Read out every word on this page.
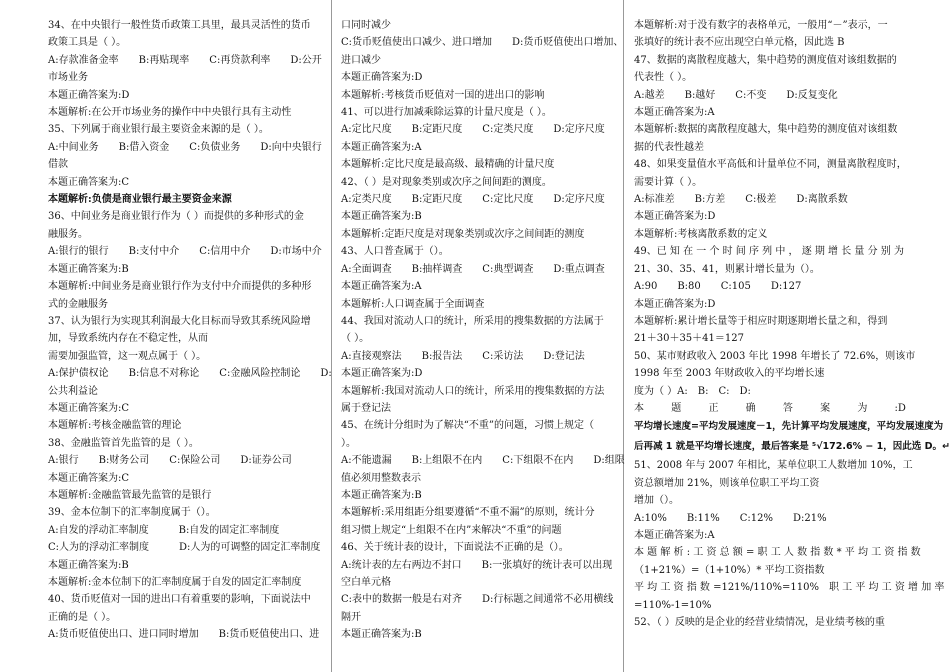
34、在中央银行一般性货币政策工具里，最具灵活性的货币
政策工具是（ ）。
A:存款准备金率　　B:再贴现率　　C:再贷款利率　　D:公开
市场业务
本题正确答案为:D
本题解析:在公开市场业务的操作中中央银行具有主动性
35、下列属于商业银行最主要资金来源的是（ ）。
A:中间业务　　B:借入资金　　C:负债业务　　D:向中央银行
借款
本题正确答案为:C
本题解析:负债是商业银行最主要资金来源
36、中间业务是商业银行作为（ ）而提供的多种形式的金
融服务。
A:银行的银行　　B:支付中介　　C:信用中介　　D:市场中介
本题正确答案为:B
本题解析:中间业务是商业银行作为支付中介而提供的多种形
式的金融服务
37、认为银行为实现其利润最大化目标而导致其系统风险增
加，导致系统内存在不稳定性，从而
需要加强监管，这一观点属于（ ）。
A:保护债权论　　B:信息不对称论　　C:金融风险控制论　　D:
公共利益论
本题正确答案为:C
本题解析:考核金融监管的理论
38、金融监管首先监管的是（ ）。
A:银行　　B:财务公司　　C:保险公司　　D:证券公司
本题正确答案为:C
本题解析:金融监管最先监管的是银行
39、金本位制下的汇率制度属于（）。
A:自发的浮动汇率制度　　　B:自发的固定汇率制度
C:人为的浮动汇率制度　　　D:人为的可调整的固定汇率制度
本题正确答案为:B
本题解析:金本位制下的汇率制度属于自发的固定汇率制度
40、货币贬值对一国的进出口有着重要的影响，下面说法中
正确的是（ ）。
A:货币贬值使出口、进口同时增加　　B:货币贬值使出口、进
口同时减少
C:货币贬值使出口减少、进口增加　　D:货币贬值使出口增加、
进口减少
本题正确答案为:D
本题解析:考核货币贬值对一国的进出口的影响
41、可以进行加减乘除运算的计量尺度是（ ）。
A:定比尺度　　B:定距尺度　　C:定类尺度　　D:定序尺度
本题正确答案为:A
本题解析:定比尺度是最高级、最精确的计量尺度
42、（ ）是对现象类别或次序之间间距的测度。
A:定类尺度　　B:定距尺度　　C:定比尺度　　D:定序尺度
本题正确答案为:B
本题解析:定距尺度是对现象类别或次序之间间距的测度
43、人口普查属于（）。
A:全面调查　　B:抽样调查　　C:典型调查　　D:重点调查
本题正确答案为:A
本题解析:人口调查属于全面调查
44、我国对流动人口的统计，所采用的搜集数据的方法属于
（ ）。
A:直接观察法　　B:报告法　　C:采访法　　D:登记法
本题正确答案为:D
本题解析:我国对流动人口的统计，所采用的搜集数据的方法
属于登记法
45、在统计分组时为了解决“不重”的问题，习惯上规定（
）。
A:不能遗漏　　B:上组限不在内　　C:下组限不在内　　D:组限
值必须用整数表示
本题正确答案为:B
本题解析:采用组距分组要遵循“不重不漏”的原则，统计分
组习惯上规定“上组限不在内”来解决“不重”的问题
46、关于统计表的设计，下面说法不正确的是（）。
A:统计表的左右两边不封口　　B:一张填好的统计表可以出现
空白单元格
C:表中的数据一般是右对齐　　D:行标题之间通常不必用横线
隔开
本题正确答案为:B
本题解析:对于没有数字的表格单元，一般用“－”表示，一
张填好的统计表不应出现空白单元格，因此选 B
47、数据的离散程度越大，集中趋势的测度值对该组数据的
代表性（ ）。
A:越差　　B:越好　　C:不变　　D:反复变化
本题正确答案为:A
本题解析:数据的离散程度越大，集中趋势的测度值对该组数
据的代表性越差
48、如果变量值水平高低和计量单位不同，测量离散程度时，
需要计算（ ）。
A:标准差　　B:方差　　C:极差　　D:离散系数
本题正确答案为:D
本题解析:考核离散系数的定义
49、已 知 在 一 个 时 间 序 列 中 ， 逐 期 增 长 量 分 别 为
21、30、35、41，则累计增长量为（）。
A:90　　B:80　　C:105　　D:127
本题正确答案为:D
本题解析:累计增长量等于相应时期逐期增长量之和，得到
21＋30＋35＋41＝127
50、某市财政收入 2003 年比 1998 年增长了 72.6%，则该市
1998 年至 2003 年财政收入的平均增长速
度为（ ）A:　B:　C:　D:
本	题	正	确	答	案	为	:D
平均增长速度=平均发展速度－1，先计算平均发展速度，平均发展速度为
后再减 1 就是平均增长速度，最后答案是 ⁵√172.6% − 1，因此选 D。↵
51、2008 年与 2007 年相比，某单位职工人数增加 10%，工
资总额增加 21%，则该单位职工平均工资
增加（）。
A:10%　　B:11%　　C:12%　　D:21%
本题正确答案为:A
本 题 解 析 : 工 资 总 额 = 职 工 人 数 指 数 * 平 均 工 资 指 数
（1+21%）=（1+10%）* 平均工资指数
平 均 工 资 指 数 =121%/110%=110%　职 工 平 均 工 资 增 加 率
=110%-1=10%
52、（ ）反映的是企业的经营业绩情况，是业绩考核的重
